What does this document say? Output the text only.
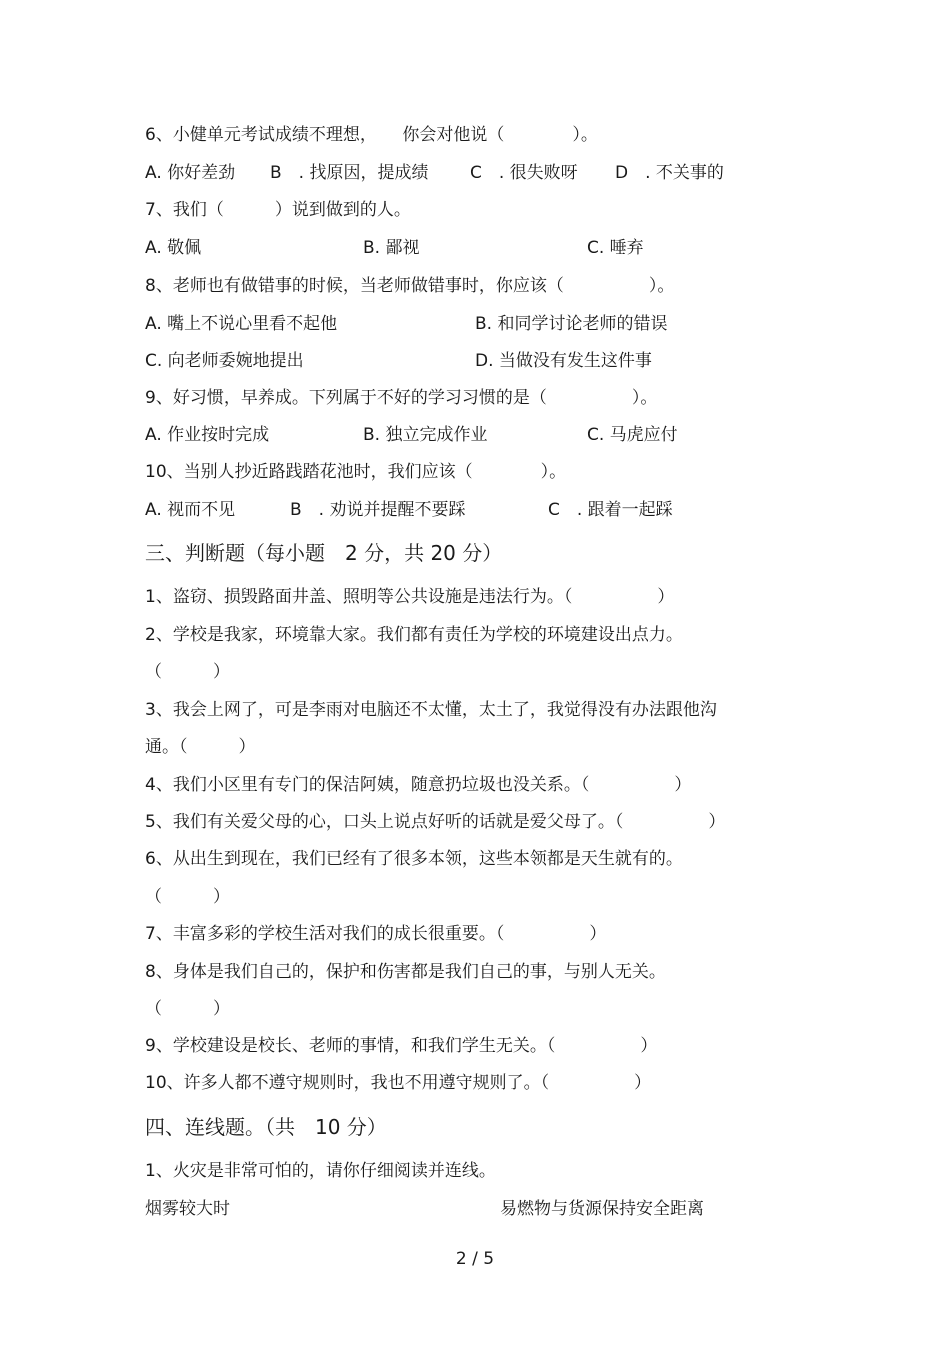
6、小健单元考试成绩不理想，　　你会对他说（　　　　）。
A. 你好差劲 B　. 找原因，提成绩 C　. 很失败呀 D　. 不关事的
7、我们（　　　）说到做到的人。
A. 敬佩	B. 鄙视	C. 唾弃
8、老师也有做错事的时候，当老师做错事时，你应该（　　　　　）。
A. 嘴上不说心里看不起他	B. 和同学讨论老师的错误
C. 向老师委婉地提出	D. 当做没有发生这件事
9、好习惯，早养成。下列属于不好的学习习惯的是（　　　　　）。
A. 作业按时完成	B. 独立完成作业	C. 马虎应付
10、当别人抄近路践踏花池时，我们应该（　　　　）。
A. 视而不见	B　. 劝说并提醒不要踩	C　. 跟着一起踩
三、判断题（每小题　2 分，共 20 分）
1、盗窃、损毁路面井盖、照明等公共设施是违法行为。（　　　　　）
2、学校是我家，环境靠大家。我们都有责任为学校的环境建设出点力。
（　　　）
3、我会上网了，可是李雨对电脑还不太懂，太土了，我觉得没有办法跟他沟
通。（　　　）
4、我们小区里有专门的保洁阿姨，随意扔垃圾也没关系。（　　　　　）
5、我们有关爱父母的心，口头上说点好听的话就是爱父母了。（　　　　　）
6、从出生到现在，我们已经有了很多本领，这些本领都是天生就有的。
（　　　）
7、丰富多彩的学校生活对我们的成长很重要。（　　　　　）
8、身体是我们自己的，保护和伤害都是我们自己的事，与别人无关。
（　　　）
9、学校建设是校长、老师的事情，和我们学生无关。（　　　　　）
10、许多人都不遵守规则时，我也不用遵守规则了。（　　　　　）
四、连线题。（共　10 分）
1、火灾是非常可怕的，请你仔细阅读并连线。
烟雾较大时	易燃物与货源保持安全距离
2 / 5
